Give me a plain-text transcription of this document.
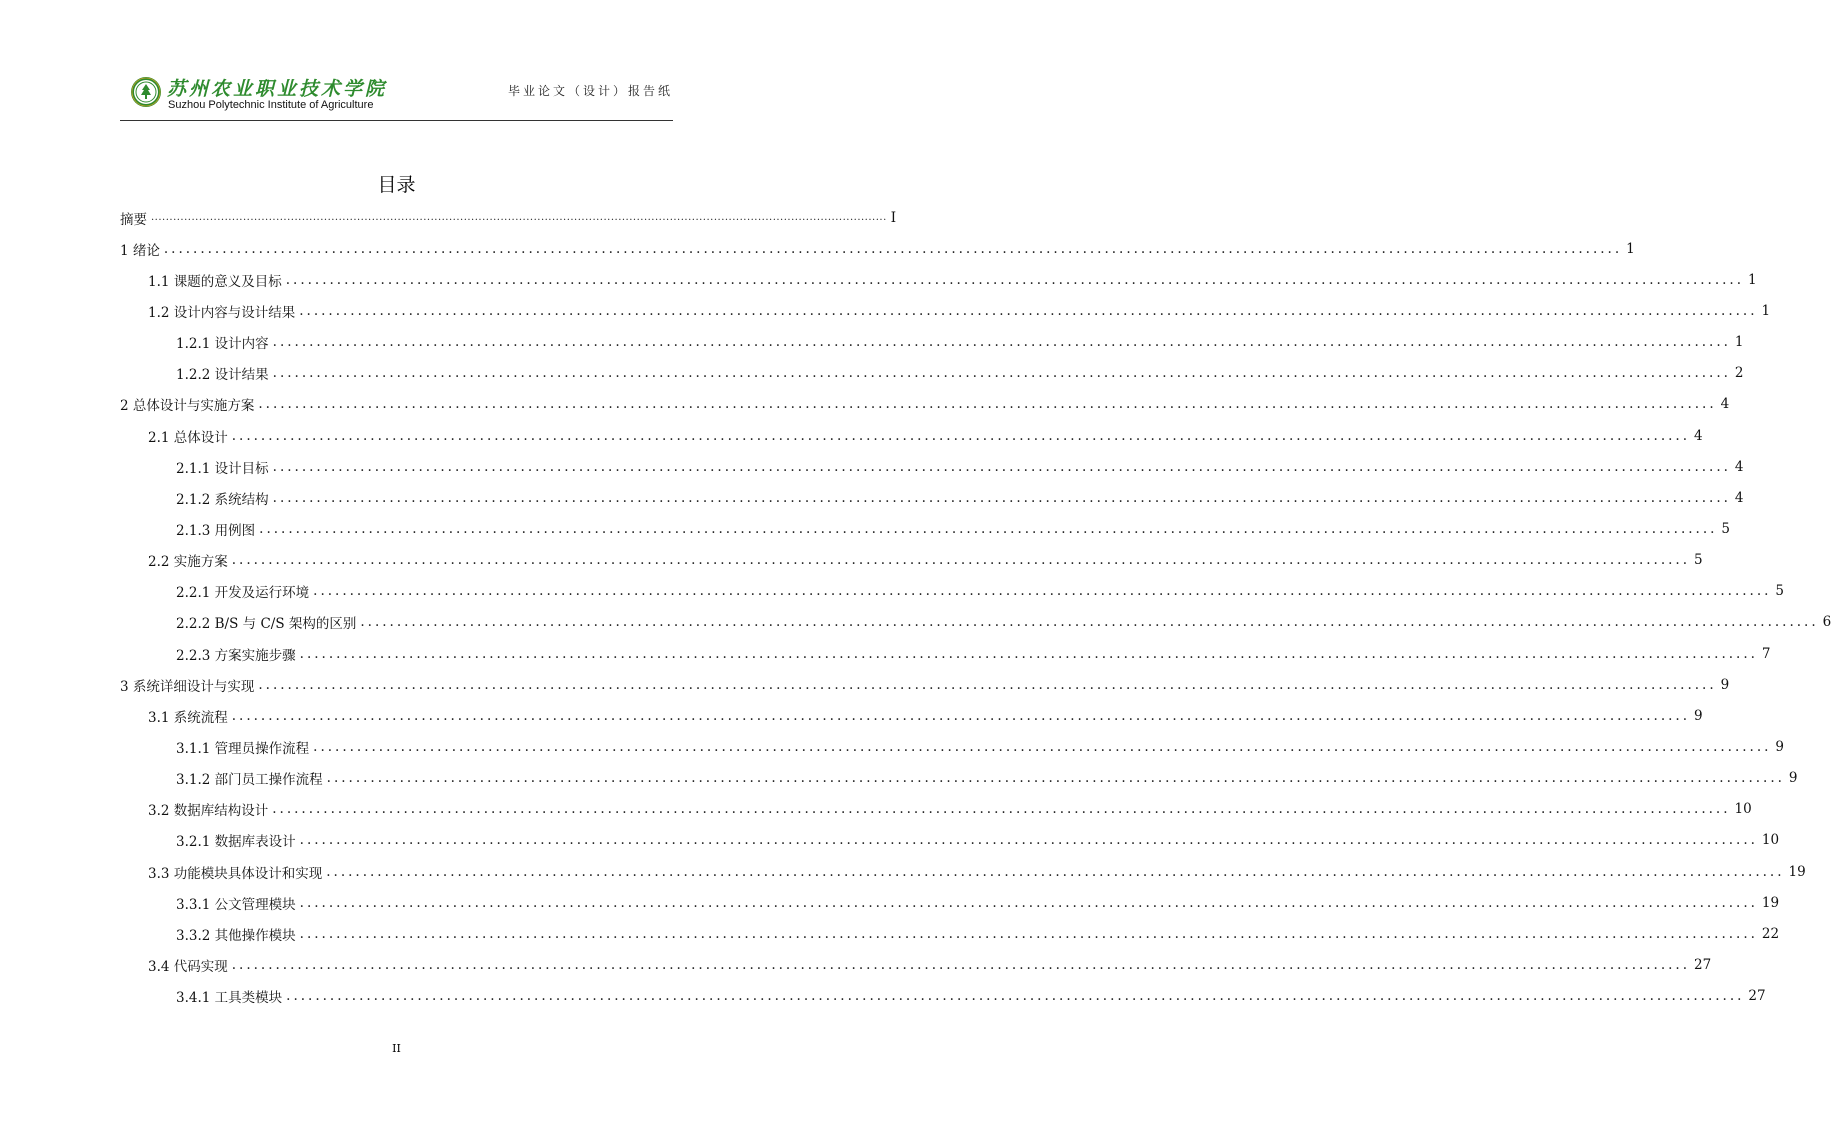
苏州农业职业技术学院
Suzhou Polytechnic Institute of Agriculture
毕业论文（设计）报告纸
目录
摘要 ........................................................................................................................................................................................................ I
1 绪论 ........................................................................................................................................................................................................ 1
1.1 课题的意义及目标 ........................................................................................................................................................................................................ 1
1.2 设计内容与设计结果 ........................................................................................................................................................................................................ 1
1.2.1 设计内容 ........................................................................................................................................................................................................ 1
1.2.2 设计结果 ........................................................................................................................................................................................................ 2
2 总体设计与实施方案 ........................................................................................................................................................................................................ 4
2.1 总体设计 ........................................................................................................................................................................................................ 4
2.1.1 设计目标 ........................................................................................................................................................................................................ 4
2.1.2 系统结构 ........................................................................................................................................................................................................ 4
2.1.3 用例图 ........................................................................................................................................................................................................ 5
2.2 实施方案 ........................................................................................................................................................................................................ 5
2.2.1 开发及运行环境 ........................................................................................................................................................................................................ 5
2.2.2 B/S 与 C/S 架构的区别 ........................................................................................................................................................................................................ 6
2.2.3 方案实施步骤 ........................................................................................................................................................................................................ 7
3 系统详细设计与实现 ........................................................................................................................................................................................................ 9
3.1 系统流程 ........................................................................................................................................................................................................ 9
3.1.1 管理员操作流程 ........................................................................................................................................................................................................ 9
3.1.2 部门员工操作流程 ........................................................................................................................................................................................................ 9
3.2 数据库结构设计 ........................................................................................................................................................................................................ 10
3.2.1 数据库表设计 ........................................................................................................................................................................................................ 10
3.3 功能模块具体设计和实现 ........................................................................................................................................................................................................ 19
3.3.1 公文管理模块 ........................................................................................................................................................................................................ 19
3.3.2 其他操作模块 ........................................................................................................................................................................................................ 22
3.4 代码实现 ........................................................................................................................................................................................................ 27
3.4.1 工具类模块 ........................................................................................................................................................................................................ 27
II
